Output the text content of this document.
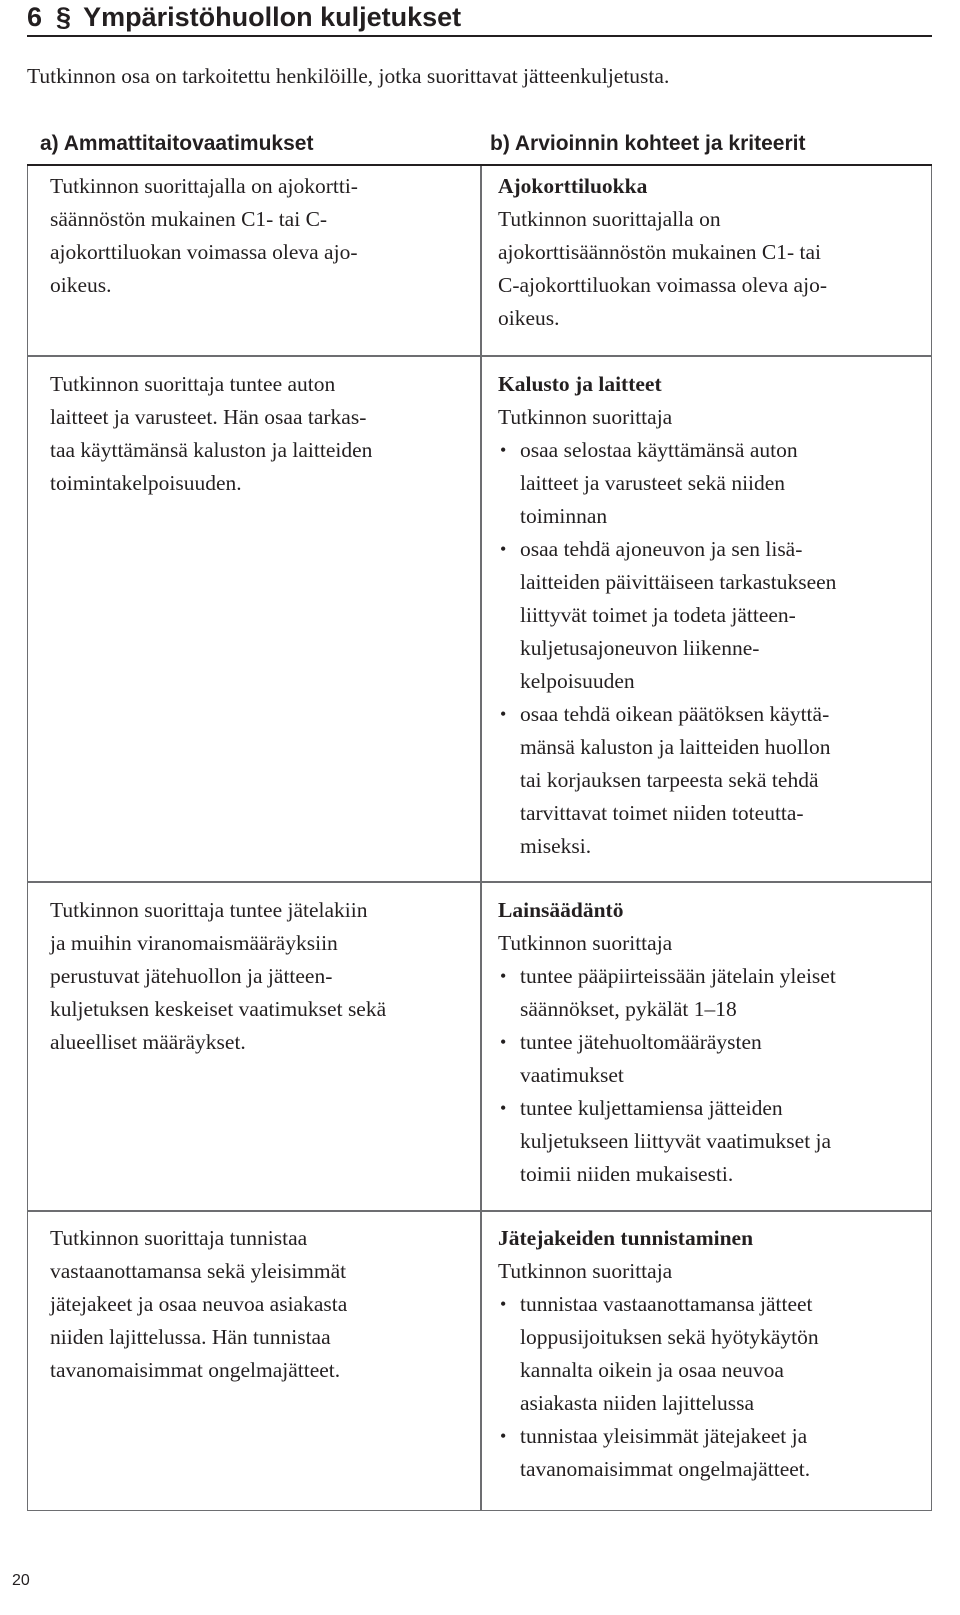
6 § Ympäristöhuollon kuljetukset
Tutkinnon osa on tarkoitettu henkilöille, jotka suorittavat jätteenkuljetusta.
a) Ammattitaitovaatimukset	b) Arvioinnin kohteet ja kriteerit
Tutkinnon suorittajalla on ajokortti-
säännöstön mukainen C1- tai C-
ajokorttiluokan voimassa oleva ajo-
oikeus.
Ajokorttiluokka
Tutkinnon suorittajalla on
ajokorttisäännöstön mukainen C1- tai
C-ajokorttiluokan voimassa oleva ajo-
oikeus.
Tutkinnon suorittaja tuntee auton
laitteet ja varusteet. Hän osaa tarkas-
taa käyttämänsä kaluston ja laitteiden
toimintakelpoisuuden.
Kalusto ja laitteet
Tutkinnon suorittaja
• osaa selostaa käyttämänsä auton
laitteet ja varusteet sekä niiden
toiminnan
• osaa tehdä ajoneuvon ja sen lisä-
laitteiden päivittäiseen tarkastukseen
liittyvät toimet ja todeta jätteen-
kuljetusajoneuvon liikenne-
kelpoisuuden
• osaa tehdä oikean päätöksen käyttä-
mänsä kaluston ja laitteiden huollon
tai korjauksen tarpeesta sekä tehdä
tarvittavat toimet niiden toteutta-
miseksi.
Tutkinnon suorittaja tuntee jätelakiin
ja muihin viranomaismääräyksiin
perustuvat jätehuollon ja jätteen-
kuljetuksen keskeiset vaatimukset sekä
alueelliset määräykset.
Lainsäädäntö
Tutkinnon suorittaja
• tuntee pääpiirteissään jätelain yleiset
säännökset, pykälät 1–18
• tuntee jätehuoltomääräysten
vaatimukset
• tuntee kuljettamiensa jätteiden
kuljetukseen liittyvät vaatimukset ja
toimii niiden mukaisesti.
Tutkinnon suorittaja tunnistaa
vastaanottamansa sekä yleisimmät
jätejakeet ja osaa neuvoa asiakasta
niiden lajittelussa. Hän tunnistaa
tavanomaisimmat ongelmajätteet.
Jätejakeiden tunnistaminen
Tutkinnon suorittaja
• tunnistaa vastaanottamansa jätteet
loppusijoituksen sekä hyötykäytön
kannalta oikein ja osaa neuvoa
asiakasta niiden lajittelussa
• tunnistaa yleisimmät jätejakeet ja
tavanomaisimmat ongelmajätteet.
20
